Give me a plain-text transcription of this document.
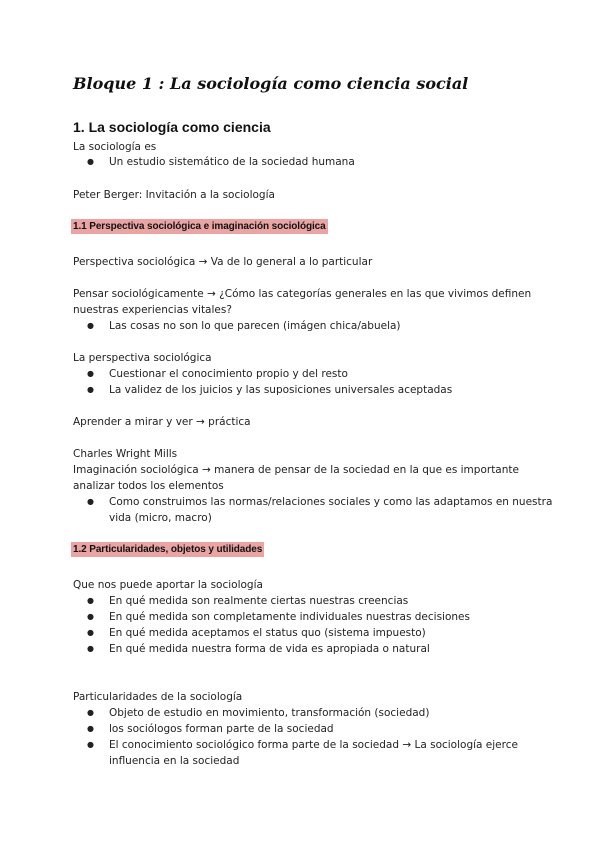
Bloque 1 : La sociología como ciencia social
1. La sociología como ciencia
La sociología es
● Un estudio sistemático de la sociedad humana
Peter Berger: Invitación a la sociología
1.1 Perspectiva sociológica e imaginación sociológica
Perspectiva sociológica → Va de lo general a lo particular
Pensar sociológicamente → ¿Cómo las categorías generales en las que vivimos definen
nuestras experiencias vitales?
● Las cosas no son lo que parecen (imágen chica/abuela)
La perspectiva sociológica
● Cuestionar el conocimiento propio y del resto
● La validez de los juicios y las suposiciones universales aceptadas
Aprender a mirar y ver → práctica
Charles Wright Mills
Imaginación sociológica → manera de pensar de la sociedad en la que es importante
analizar todos los elementos
● Como construimos las normas/relaciones sociales y como las adaptamos en nuestra
vida (micro, macro)
1.2 Particularidades, objetos y utilidades
Que nos puede aportar la sociología
● En qué medida son realmente ciertas nuestras creencias
● En qué medida son completamente individuales nuestras decisiones
● En qué medida aceptamos el status quo (sistema impuesto)
● En qué medida nuestra forma de vida es apropiada o natural
Particularidades de la sociología
● Objeto de estudio en movimiento, transformación (sociedad)
● los sociólogos forman parte de la sociedad
● El conocimiento sociológico forma parte de la sociedad → La sociología ejerce
influencia en la sociedad
